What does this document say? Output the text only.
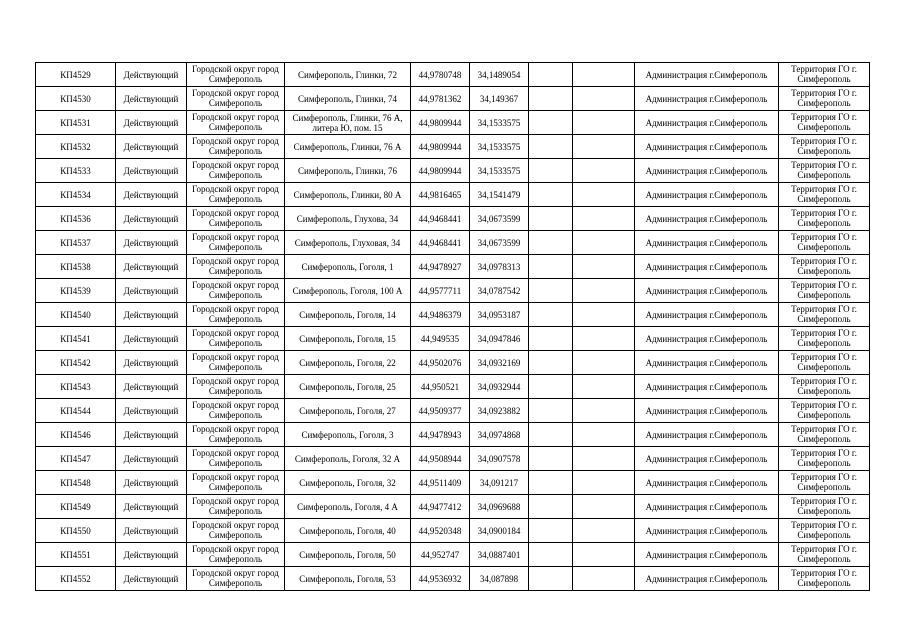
КП4529	Действующий	Городской округ город Симферополь	Симферополь, Глинки, 72	44,9780748	34,1489054			Администрация г.Симферополь	Территория ГО г. Симферополь
КП4530	Действующий	Городской округ город Симферополь	Симферополь, Глинки, 74	44,9781362	34,149367			Администрация г.Симферополь	Территория ГО г. Симферополь
КП4531	Действующий	Городской округ город Симферополь	Симферополь, Глинки, 76 А, литера Ю, пом. 15	44,9809944	34,1533575			Администрация г.Симферополь	Территория ГО г. Симферополь
КП4532	Действующий	Городской округ город Симферополь	Симферополь, Глинки, 76 А	44,9809944	34,1533575			Администрация г.Симферополь	Территория ГО г. Симферополь
КП4533	Действующий	Городской округ город Симферополь	Симферополь, Глинки, 76	44,9809944	34,1533575			Администрация г.Симферополь	Территория ГО г. Симферополь
КП4534	Действующий	Городской округ город Симферополь	Симферополь, Глинки, 80 А	44,9816465	34,1541479			Администрация г.Симферополь	Территория ГО г. Симферополь
КП4536	Действующий	Городской округ город Симферополь	Симферополь, Глухова, 34	44,9468441	34,0673599			Администрация г.Симферополь	Территория ГО г. Симферополь
КП4537	Действующий	Городской округ город Симферополь	Симферополь, Глуховая, 34	44,9468441	34,0673599			Администрация г.Симферополь	Территория ГО г. Симферополь
КП4538	Действующий	Городской округ город Симферополь	Симферополь, Гоголя, 1	44,9478927	34,0978313			Администрация г.Симферополь	Территория ГО г. Симферополь
КП4539	Действующий	Городской округ город Симферополь	Симферополь, Гоголя, 100 А	44,9577711	34,0787542			Администрация г.Симферополь	Территория ГО г. Симферополь
КП4540	Действующий	Городской округ город Симферополь	Симферополь, Гоголя, 14	44,9486379	34,0953187			Администрация г.Симферополь	Территория ГО г. Симферополь
КП4541	Действующий	Городской округ город Симферополь	Симферополь, Гоголя, 15	44,949535	34,0947846			Администрация г.Симферополь	Территория ГО г. Симферополь
КП4542	Действующий	Городской округ город Симферополь	Симферополь, Гоголя, 22	44,9502076	34,0932169			Администрация г.Симферополь	Территория ГО г. Симферополь
КП4543	Действующий	Городской округ город Симферополь	Симферополь, Гоголя, 25	44,950521	34,0932944			Администрация г.Симферополь	Территория ГО г. Симферополь
КП4544	Действующий	Городской округ город Симферополь	Симферополь, Гоголя, 27	44,9509377	34,0923882			Администрация г.Симферополь	Территория ГО г. Симферополь
КП4546	Действующий	Городской округ город Симферополь	Симферополь, Гоголя, 3	44,9478943	34,0974868			Администрация г.Симферополь	Территория ГО г. Симферополь
КП4547	Действующий	Городской округ город Симферополь	Симферополь, Гоголя, 32 А	44,9508944	34,0907578			Администрация г.Симферополь	Территория ГО г. Симферополь
КП4548	Действующий	Городской округ город Симферополь	Симферополь, Гоголя, 32	44,9511409	34,091217			Администрация г.Симферополь	Территория ГО г. Симферополь
КП4549	Действующий	Городской округ город Симферополь	Симферополь, Гоголя, 4 А	44,9477412	34,0969688			Администрация г.Симферополь	Территория ГО г. Симферополь
КП4550	Действующий	Городской округ город Симферополь	Симферополь, Гоголя, 40	44,9520348	34,0900184			Администрация г.Симферополь	Территория ГО г. Симферополь
КП4551	Действующий	Городской округ город Симферополь	Симферополь, Гоголя, 50	44,952747	34,0887401			Администрация г.Симферополь	Территория ГО г. Симферополь
КП4552	Действующий	Городской округ город Симферополь	Симферополь, Гоголя, 53	44,9536932	34,087898			Администрация г.Симферополь	Территория ГО г. Симферополь
